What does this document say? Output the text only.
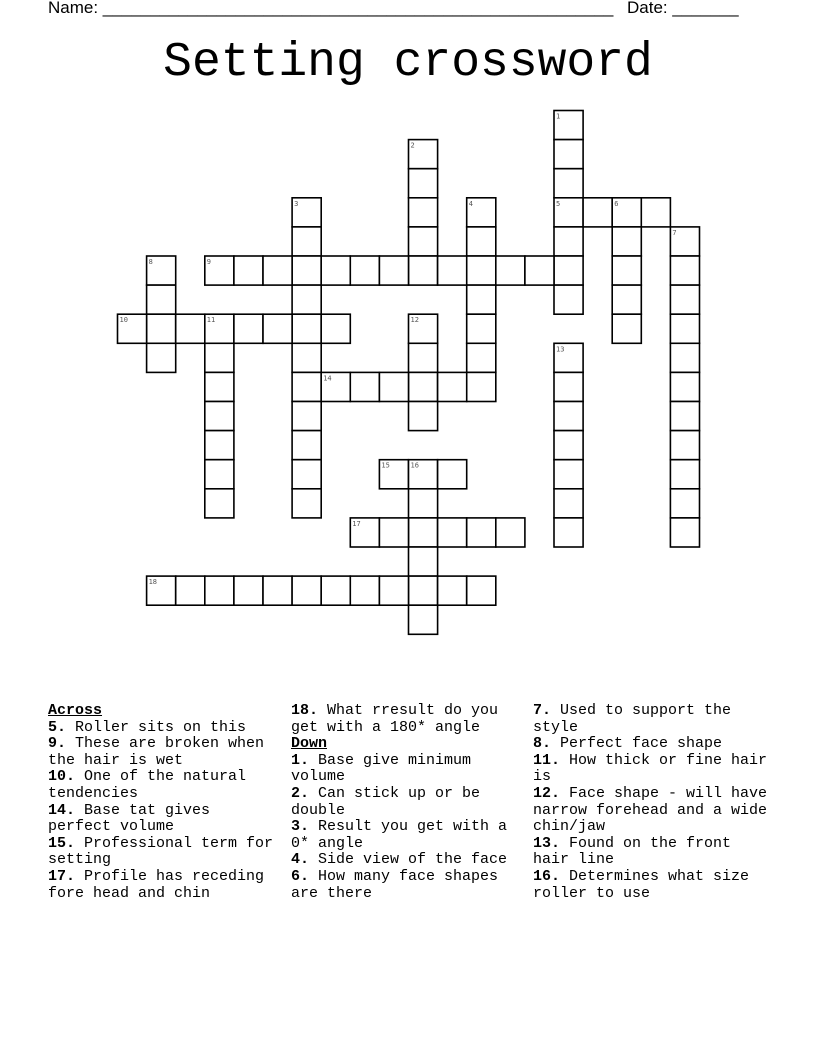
Name: ______________________________________________________ Date: _______
Setting crossword
1
2
3	4	5	6
7
8	9
10	11	12
13
14
15	16
17
18

Across

5. Roller sits on this

9. These are broken when the hair is wet

10. One of the natural tendencies

14. Base tat gives perfect volume

15. Professional term for setting

17. Profile has receding fore head and chin

18. What rresult do you get with a 180* angle

Down

1. Base give minimum volume

2. Can stick up or be double

3. Result you get with a 0* angle

4. Side view of the face

6. How many face shapes are there

7. Used to support the style

8. Perfect face shape

11. How thick or fine hair is

12. Face shape - will have narrow forehead and a wide chin/jaw

13. Found on the front hair line

16. Determines what size roller to use
